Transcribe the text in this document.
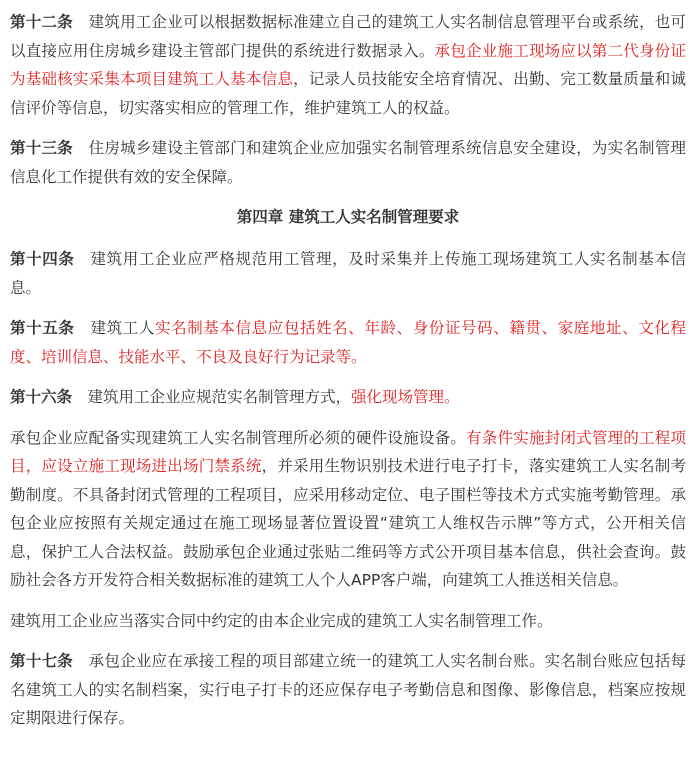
第十二条　建筑用工企业可以根据数据标准建立自己的建筑工人实名制信息管理平台或系统，也可以直接应用住房城乡建设主管部门提供的系统进行数据录入。承包企业施工现场应以第二代身份证为基础核实采集本项目建筑工人基本信息，记录人员技能安全培育情况、出勤、完工数量质量和诚信评价等信息，切实落实相应的管理工作，维护建筑工人的权益。

第十三条　住房城乡建设主管部门和建筑企业应加强实名制管理系统信息安全建设，为实名制管理信息化工作提供有效的安全保障。

第四章 建筑工人实名制管理要求

第十四条　建筑用工企业应严格规范用工管理，及时采集并上传施工现场建筑工人实名制基本信息。

第十五条　建筑工人实名制基本信息应包括姓名、年龄、身份证号码、籍贯、家庭地址、文化程度、培训信息、技能水平、不良及良好行为记录等。

第十六条　建筑用工企业应规范实名制管理方式，强化现场管理。

承包企业应配备实现建筑工人实名制管理所必须的硬件设施设备。有条件实施封闭式管理的工程项目，应设立施工现场进出场门禁系统，并采用生物识别技术进行电子打卡，落实建筑工人实名制考勤制度。不具备封闭式管理的工程项目，应采用移动定位、电子围栏等技术方式实施考勤管理。承包企业应按照有关规定通过在施工现场显著位置设置“建筑工人维权告示牌”等方式，公开相关信息，保护工人合法权益。鼓励承包企业通过张贴二维码等方式公开项目基本信息，供社会查询。鼓励社会各方开发符合相关数据标准的建筑工人个人APP客户端，向建筑工人推送相关信息。

建筑用工企业应当落实合同中约定的由本企业完成的建筑工人实名制管理工作。

第十七条　承包企业应在承接工程的项目部建立统一的建筑工人实名制台账。实名制台账应包括每名建筑工人的实名制档案，实行电子打卡的还应保存电子考勤信息和图像、影像信息，档案应按规定期限进行保存。
